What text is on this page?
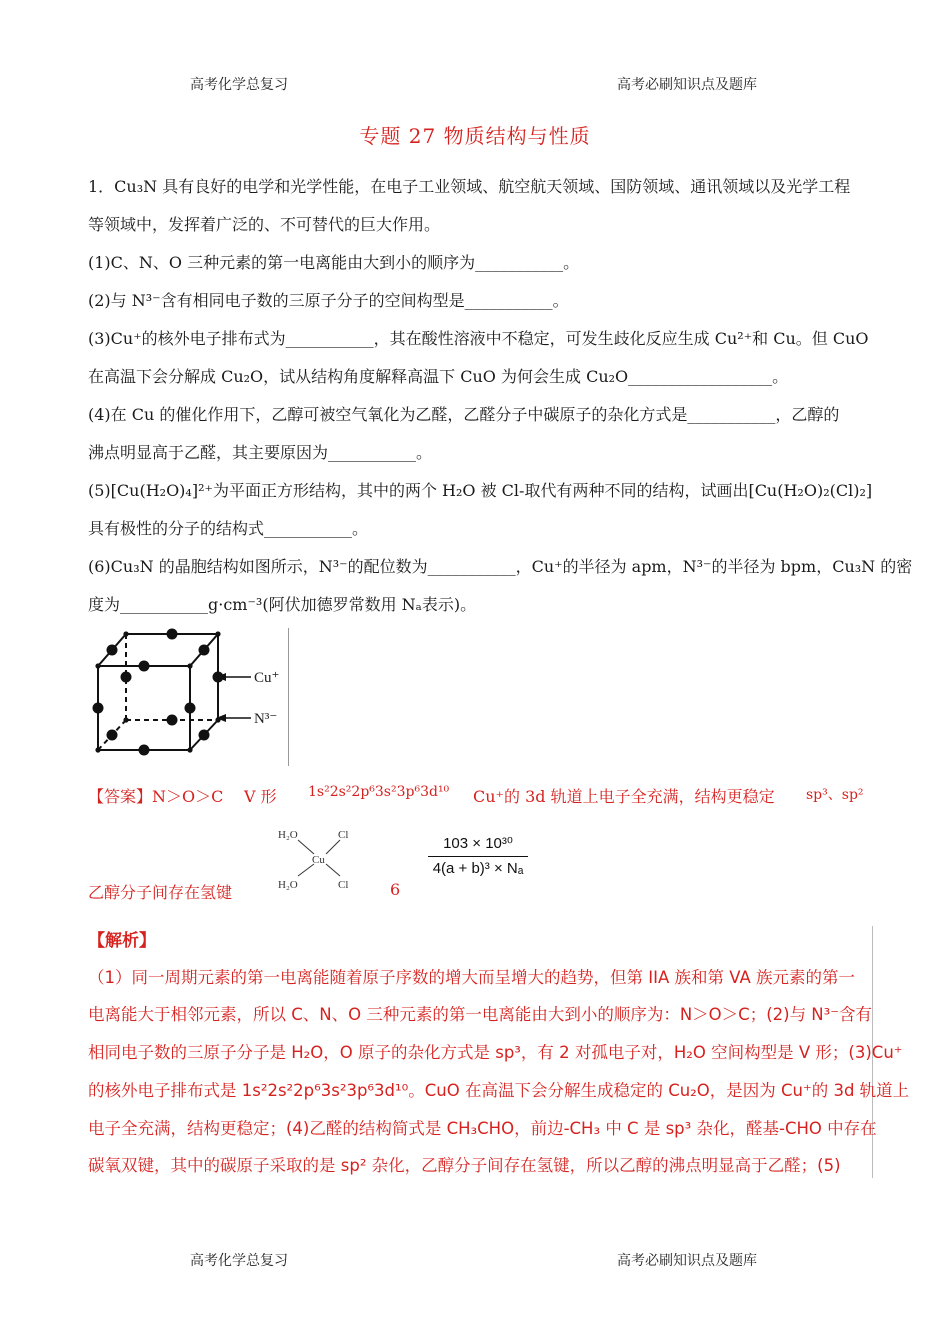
高考化学总复习	高考必刷知识点及题库
专题 27 物质结构与性质
1．Cu₃N 具有良好的电学和光学性能，在电子工业领域、航空航天领域、国防领域、通讯领域以及光学工程
等领域中，发挥着广泛的、不可替代的巨大作用。
(1)C、N、O 三种元素的第一电离能由大到小的顺序为___________。
(2)与 N³⁻含有相同电子数的三原子分子的空间构型是___________。
(3)Cu⁺的核外电子排布式为___________，其在酸性溶液中不稳定，可发生歧化反应生成 Cu²⁺和 Cu。但 CuO
在高温下会分解成 Cu₂O，试从结构角度解释高温下 CuO 为何会生成 Cu₂O__________________。
(4)在 Cu 的催化作用下，乙醇可被空气氧化为乙醛，乙醛分子中碳原子的杂化方式是___________，乙醇的
沸点明显高于乙醛，其主要原因为___________。
(5)[Cu(H₂O)₄]²⁺为平面正方形结构，其中的两个 H₂O 被 Cl-取代有两种不同的结构，试画出[Cu(H₂O)₂(Cl)₂]
具有极性的分子的结构式___________。
(6)Cu₃N 的晶胞结构如图所示，N³⁻的配位数为___________，Cu⁺的半径为 apm，N³⁻的半径为 bpm，Cu₃N 的密
度为___________g·cm⁻³(阿伏加德罗常数用 Nₐ表示)。
Cu⁺
N³⁻
【答案】N＞O＞C V 形 1s²2s²2p⁶3s²3p⁶3d¹⁰ Cu⁺的 3d 轨道上电子全充满，结构更稳定 sp³、sp²
H₂O	Cl
Cu
H₂O	Cl
103 × 10³⁰
4(a + b)³ × Nₐ
乙醇分子间存在氢键	6
【解析】
（1）同一周期元素的第一电离能随着原子序数的增大而呈增大的趋势，但第 IIA 族和第 VA 族元素的第一
电离能大于相邻元素，所以 C、N、O 三种元素的第一电离能由大到小的顺序为：N＞O＞C；(2)与 N³⁻含有
相同电子数的三原子分子是 H₂O，O 原子的杂化方式是 sp³，有 2 对孤电子对，H₂O 空间构型是 V 形；(3)Cu⁺
的核外电子排布式是 1s²2s²2p⁶3s²3p⁶3d¹⁰。CuO 在高温下会分解生成稳定的 Cu₂O，是因为 Cu⁺的 3d 轨道上
电子全充满，结构更稳定；(4)乙醛的结构简式是 CH₃CHO，前边-CH₃ 中 C 是 sp³ 杂化，醛基-CHO 中存在
碳氧双键，其中的碳原子采取的是 sp² 杂化，乙醇分子间存在氢键，所以乙醇的沸点明显高于乙醛；(5)
高考化学总复习	高考必刷知识点及题库
